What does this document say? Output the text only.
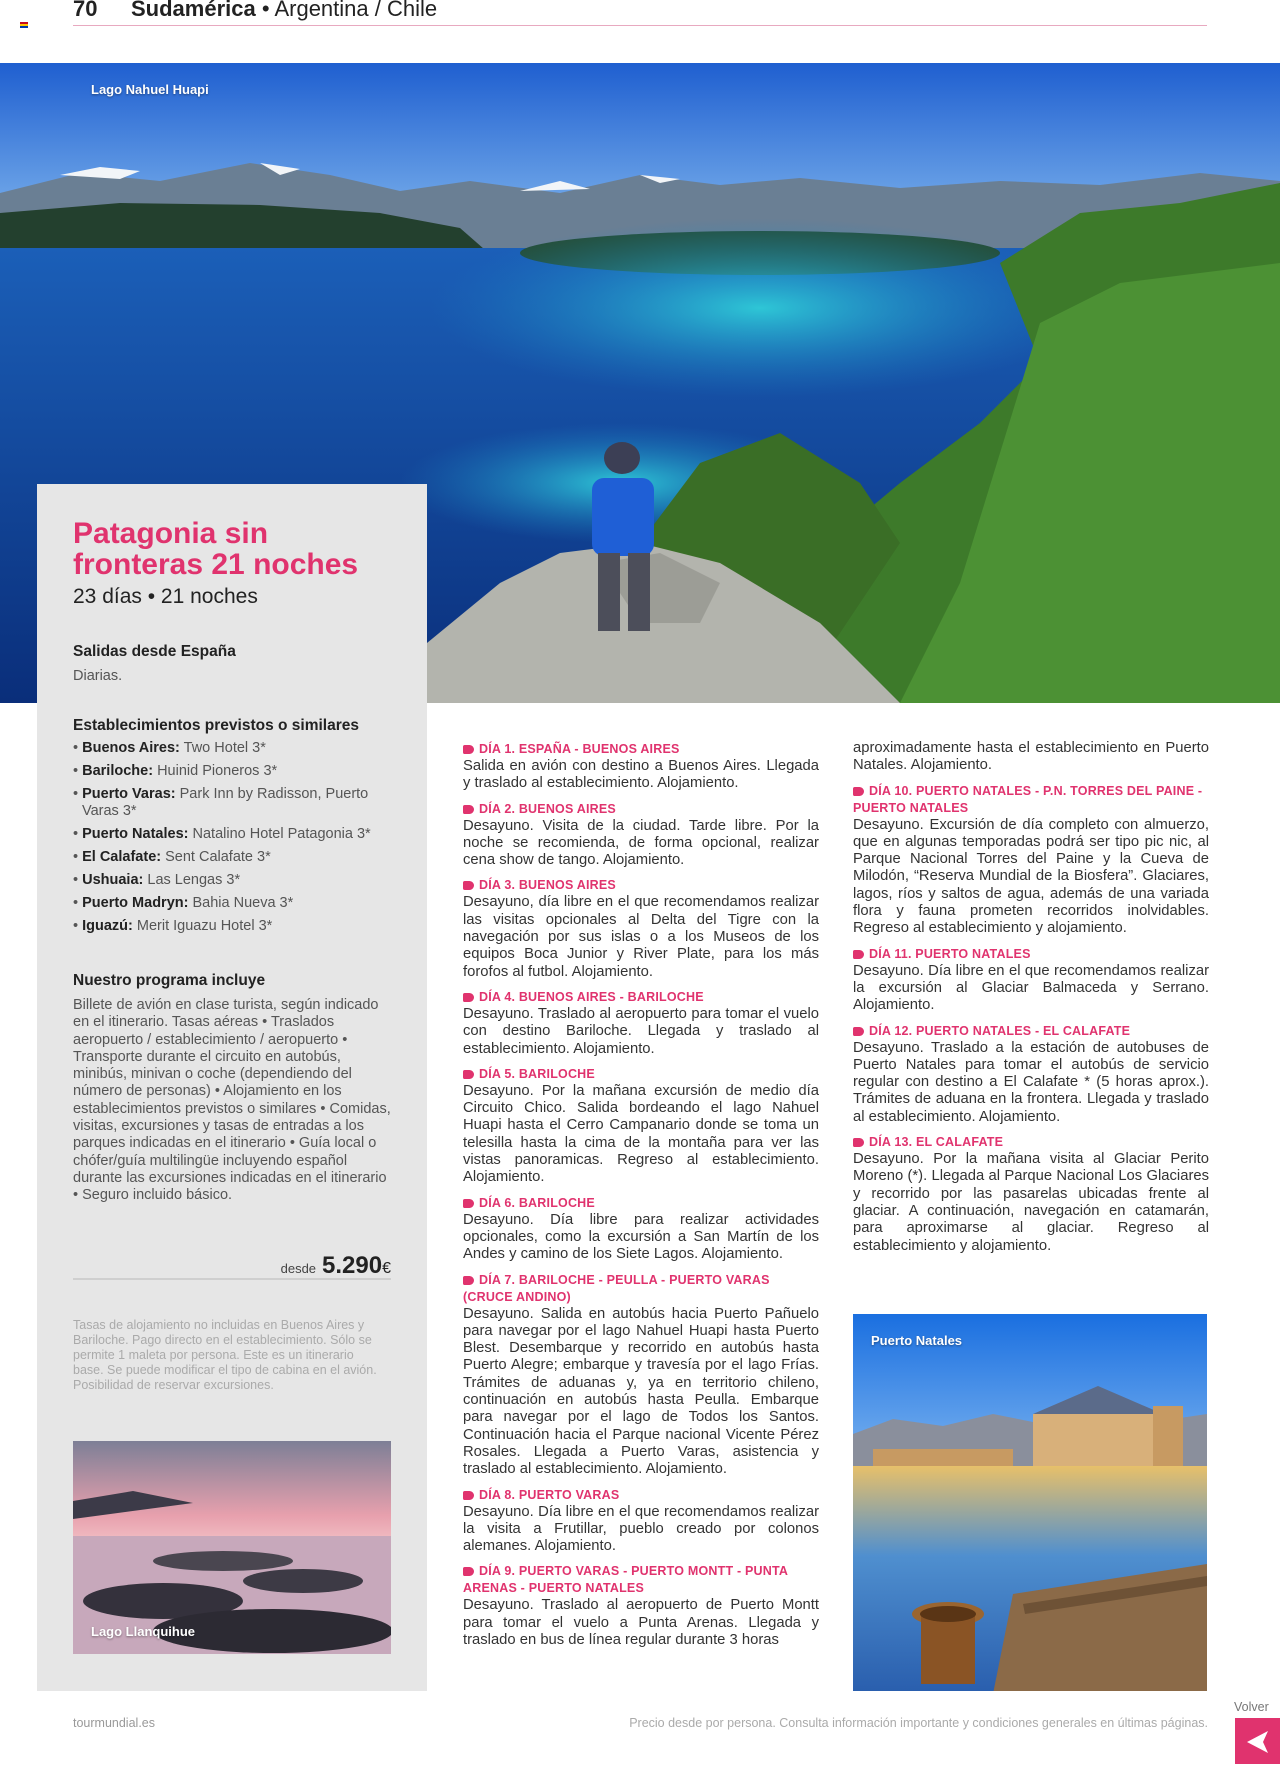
70 Sudamérica • Argentina / Chile
Lago Nahuel Huapi
Patagonia sin fronteras 21 noches
23 días • 21 noches
Salidas desde España
Diarias.
Establecimientos previstos o similares
• Buenos Aires: Two Hotel 3*
• Bariloche: Huinid Pioneros 3*
• Puerto Varas: Park Inn by Radisson, Puerto Varas 3*
• Puerto Natales: Natalino Hotel Patagonia 3*
• El Calafate: Sent Calafate 3*
• Ushuaia: Las Lengas 3*
• Puerto Madryn: Bahia Nueva 3*
• Iguazú: Merit Iguazu Hotel 3*
Nuestro programa incluye
Billete de avión en clase turista, según indicado en el itinerario. Tasas aéreas • Traslados aeropuerto / establecimiento / aeropuerto • Transporte durante el circuito en autobús, minibús, minivan o coche (dependiendo del número de personas) • Alojamiento en los establecimientos previstos o similares • Comidas, visitas, excursiones y tasas de entradas a los parques indicadas en el itinerario • Guía local o chófer/guía multilingüe incluyendo español durante las excursiones indicadas en el itinerario • Seguro incluido básico.
desde 5.290€
Tasas de alojamiento no incluidas en Buenos Aires y Bariloche. Pago directo en el establecimiento. Sólo se permite 1 maleta por persona. Este es un itinerario base. Se puede modificar el tipo de cabina en el avión. Posibilidad de reservar excursiones.
Lago Llanquihue
DÍA 1. ESPAÑA - BUENOS AIRES
Salida en avión con destino a Buenos Aires. Llegada y traslado al establecimiento. Alojamiento.
DÍA 2. BUENOS AIRES
Desayuno. Visita de la ciudad. Tarde libre. Por la noche se recomienda, de forma opcional, realizar cena show de tango. Alojamiento.
DÍA 3. BUENOS AIRES
Desayuno, día libre en el que recomendamos realizar las visitas opcionales al Delta del Tigre con la navegación por sus islas o a los Museos de los equipos Boca Junior y River Plate, para los más forofos al futbol. Alojamiento.
DÍA 4. BUENOS AIRES - BARILOCHE
Desayuno. Traslado al aeropuerto para tomar el vuelo con destino Bariloche. Llegada y traslado al establecimiento. Alojamiento.
DÍA 5. BARILOCHE
Desayuno. Por la mañana excursión de medio día Circuito Chico. Salida bordeando el lago Nahuel Huapi hasta el Cerro Campanario donde se toma un telesilla hasta la cima de la montaña para ver las vistas panoramicas. Regreso al establecimiento. Alojamiento.
DÍA 6. BARILOCHE
Desayuno. Día libre para realizar actividades opcionales, como la excursión a San Martín de los Andes y camino de los Siete Lagos. Alojamiento.
DÍA 7. BARILOCHE - PEULLA - PUERTO VARAS (CRUCE ANDINO)
Desayuno. Salida en autobús hacia Puerto Pañuelo para navegar por el lago Nahuel Huapi hasta Puerto Blest. Desembarque y recorrido en autobús hasta Puerto Alegre; embarque y travesía por el lago Frías. Trámites de aduanas y, ya en territorio chileno, continuación en autobús hasta Peulla. Embarque para navegar por el lago de Todos los Santos. Continuación hacia el Parque nacional Vicente Pérez Rosales. Llegada a Puerto Varas, asistencia y traslado al establecimiento. Alojamiento.
DÍA 8. PUERTO VARAS
Desayuno. Día libre en el que recomendamos realizar la visita a Frutillar, pueblo creado por colonos alemanes. Alojamiento.
DÍA 9. PUERTO VARAS - PUERTO MONTT - PUNTA ARENAS - PUERTO NATALES
Desayuno. Traslado al aeropuerto de Puerto Montt para tomar el vuelo a Punta Arenas. Llegada y traslado en bus de línea regular durante 3 horas
aproximadamente hasta el establecimiento en Puerto Natales. Alojamiento.
DÍA 10. PUERTO NATALES - P.N. TORRES DEL PAINE - PUERTO NATALES
Desayuno. Excursión de día completo con almuerzo, que en algunas temporadas podrá ser tipo pic nic, al Parque Nacional Torres del Paine y la Cueva de Milodón, “Reserva Mundial de la Biosfera”. Glaciares, lagos, ríos y saltos de agua, además de una variada flora y fauna prometen recorridos inolvidables. Regreso al establecimiento y alojamiento.
DÍA 11. PUERTO NATALES
Desayuno. Día libre en el que recomendamos realizar la excursión al Glaciar Balmaceda y Serrano. Alojamiento.
DÍA 12. PUERTO NATALES - EL CALAFATE
Desayuno. Traslado a la estación de autobuses de Puerto Natales para tomar el autobús de servicio regular con destino a El Calafate * (5 horas aprox.). Trámites de aduana en la frontera. Llegada y traslado al establecimiento. Alojamiento.
DÍA 13. EL CALAFATE
Desayuno. Por la mañana visita al Glaciar Perito Moreno (*). Llegada al Parque Nacional Los Glaciares y recorrido por las pasarelas ubicadas frente al glaciar. A continuación, navegación en catamarán, para aproximarse al glaciar. Regreso al establecimiento y alojamiento.
Puerto Natales
tourmundial.es	Precio desde por persona. Consulta información importante y condiciones generales en últimas páginas.
Volver
